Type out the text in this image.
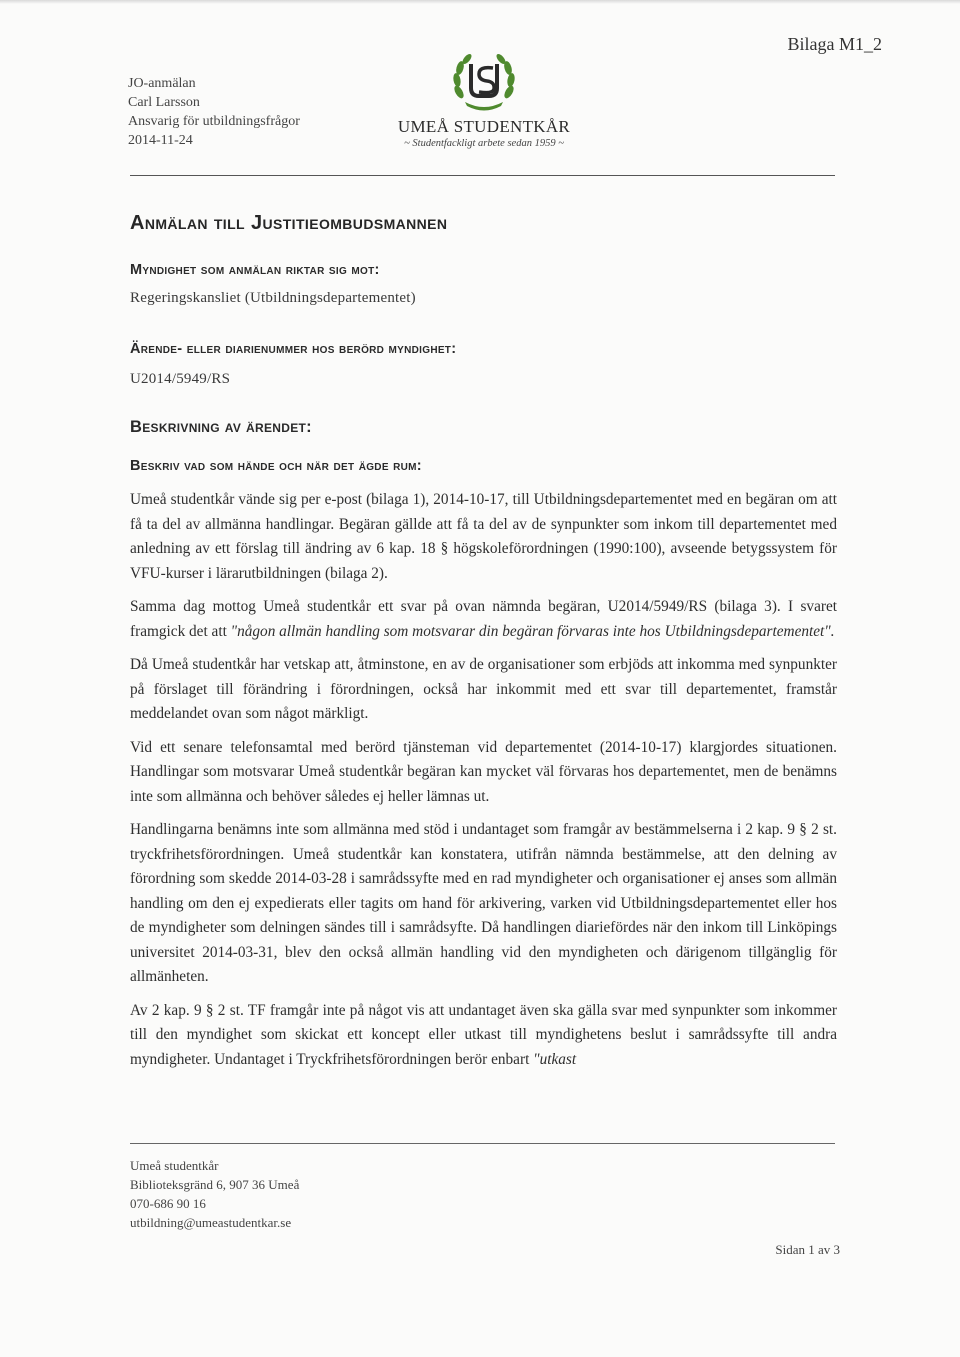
Bilaga M1_2
JO-anmälan
Carl Larsson
Ansvarig för utbildningsfrågor
2014-11-24
UMEÅ STUDENTKÅR
~ Studentfackligt arbete sedan 1959 ~
Anmälan till Justitieombudsmannen
Myndighet som anmälan riktar sig mot:
Regeringskansliet (Utbildningsdepartementet)
Ärende- eller diarienummer hos berörd myndighet:
U2014/5949/RS
Beskrivning av ärendet:
Beskriv vad som hände och när det ägde rum:

Umeå studentkår vände sig per e-post (bilaga 1), 2014-10-17, till Utbildningsdepartementet med en begäran om att få ta del av allmänna handlingar. Begäran gällde att få ta del av de synpunkter som inkom till departementet med anledning av ett förslag till ändring av 6 kap. 18 § högskoleförordningen (1990:100), avseende betygssystem för VFU-kurser i lärarutbildningen (bilaga 2).

Samma dag mottog Umeå studentkår ett svar på ovan nämnda begäran, U2014/5949/RS (bilaga 3). I svaret framgick det att "någon allmän handling som motsvarar din begäran förvaras inte hos Utbildningsdepartementet".

Då Umeå studentkår har vetskap att, åtminstone, en av de organisationer som erbjöds att inkomma med synpunkter på förslaget till förändring i förordningen, också har inkommit med ett svar till departementet, framstår meddelandet ovan som något märkligt.

Vid ett senare telefonsamtal med berörd tjänsteman vid departementet (2014-10-17) klargjordes situationen. Handlingar som motsvarar Umeå studentkår begäran kan mycket väl förvaras hos departementet, men de benämns inte som allmänna och behöver således ej heller lämnas ut.

Handlingarna benämns inte som allmänna med stöd i undantaget som framgår av bestämmelserna i 2 kap. 9 § 2 st. tryckfrihetsförordningen. Umeå studentkår kan konstatera, utifrån nämnda bestämmelse, att den delning av förordning som skedde 2014-03-28 i samrådssyfte med en rad myndigheter och organisationer ej anses som allmän handling om den ej expedierats eller tagits om hand för arkivering, varken vid Utbildningsdepartementet eller hos de myndigheter som delningen sändes till i samrådsyfte. Då handlingen diariefördes när den inkom till Linköpings universitet 2014-03-31, blev den också allmän handling vid den myndigheten och därigenom tillgänglig för allmänheten.

Av 2 kap. 9 § 2 st. TF framgår inte på något vis att undantaget även ska gälla svar med synpunkter som inkommer till den myndighet som skickat ett koncept eller utkast till myndighetens beslut i samrådssyfte till andra myndigheter. Undantaget i Tryckfrihetsförordningen berör enbart "utkast

Umeå studentkår
Biblioteksgränd 6, 907 36 Umeå
070-686 90 16
utbildning@umeastudentkar.se
Sidan 1 av 3
